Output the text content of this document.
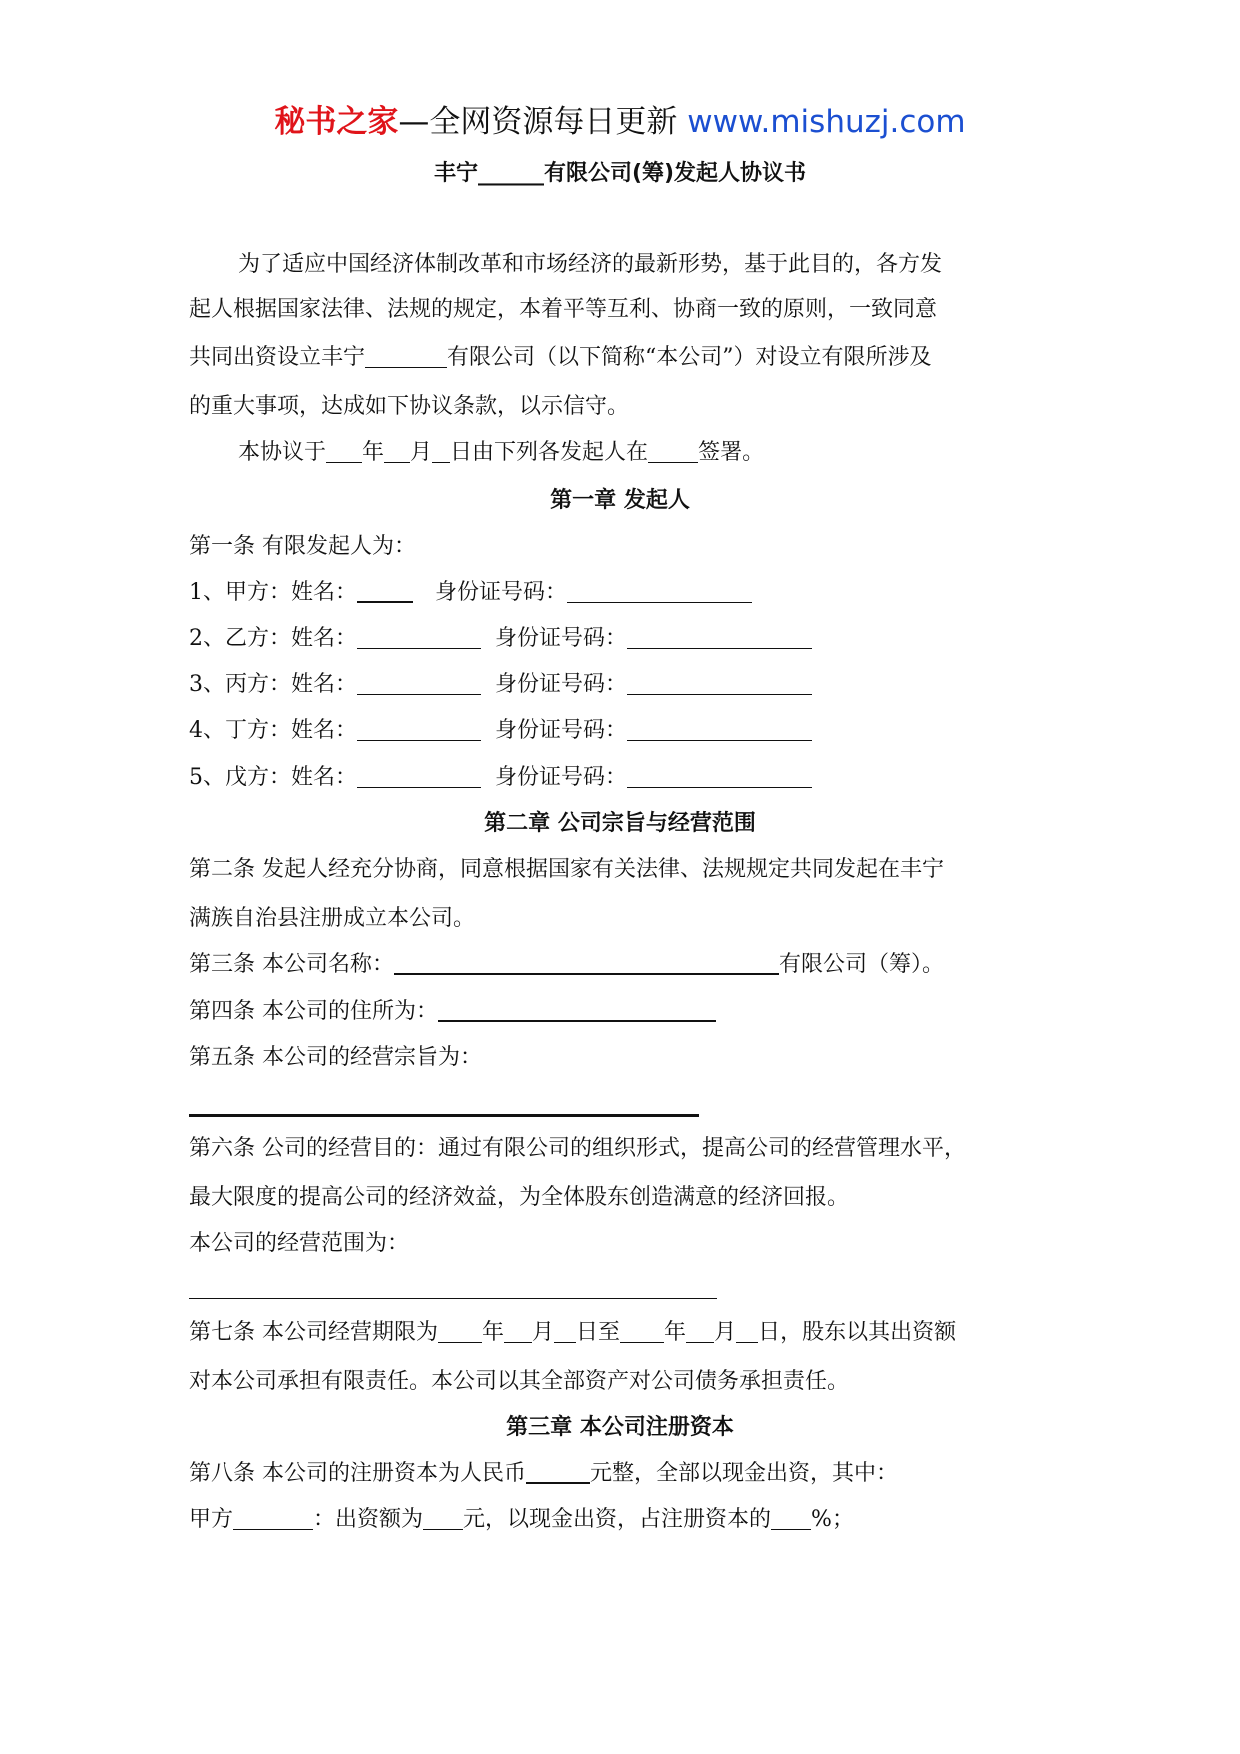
秘书之家—全网资源每日更新 www.mishuzj.com
丰宁______有限公司(筹)发起人协议书
为了适应中国经济体制改革和市场经济的最新形势，基于此目的，各方发
起人根据国家法律、法规的规定，本着平等互利、协商一致的原则，一致同意
共同出资设立丰宁	有限公司（以下简称“本公司”）对设立有限所涉及
的重大事项，达成如下协议条款，以示信守。
本协议于 年 月 日由下列各发起人在 签署。
第一章 发起人
第一条 有限发起人为：
1、甲方：姓名：	身份证号码：
2、乙方：姓名：	身份证号码：
3、丙方：姓名：	身份证号码：
4、丁方：姓名：	身份证号码：
5、戊方：姓名：	身份证号码：
第二章 公司宗旨与经营范围
第二条 发起人经充分协商，同意根据国家有关法律、法规规定共同发起在丰宁
满族自治县注册成立本公司。
第三条 本公司名称：	有限公司（筹）。
第四条 本公司的住所为：
第五条 本公司的经营宗旨为：
第六条 公司的经营目的：通过有限公司的组织形式，提高公司的经营管理水平，
最大限度的提高公司的经济效益，为全体股东创造满意的经济回报。
本公司的经营范围为：
第七条 本公司经营期限为 年 月 日至 年 月 日，股东以其出资额
对本公司承担有限责任。本公司以其全部资产对公司债务承担责任。
第三章 本公司注册资本
第八条 本公司的注册资本为人民币	元整，全部以现金出资，其中：
甲方	：出资额为 元，以现金出资，占注册资本的 %；
